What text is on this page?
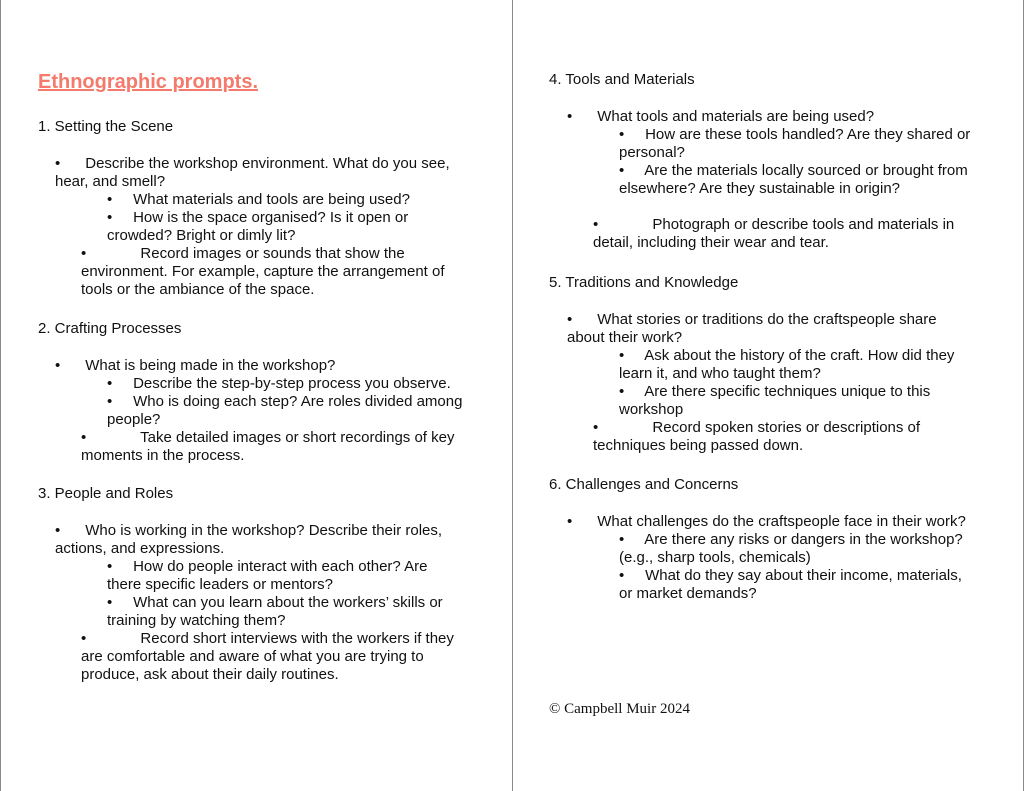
Ethnographic prompts.
1. Setting the Scene
•      Describe the workshop environment. What do you see,
hear, and smell?
•     What materials and tools are being used?
•     How is the space organised? Is it open or
crowded? Bright or dimly lit?
•             Record images or sounds that show the
environment. For example, capture the arrangement of
tools or the ambiance of the space.
2. Crafting Processes
•      What is being made in the workshop?
•     Describe the step-by-step process you observe.
•     Who is doing each step? Are roles divided among
people?
•             Take detailed images or short recordings of key
moments in the process.
3. People and Roles
•      Who is working in the workshop? Describe their roles,
actions, and expressions.
•     How do people interact with each other? Are
there specific leaders or mentors?
•     What can you learn about the workers’ skills or
training by watching them?
•             Record short interviews with the workers if they
are comfortable and aware of what you are trying to
produce, ask about their daily routines.
© Campbell Muir 2024
4. Tools and Materials
•      What tools and materials are being used?
•     How are these tools handled? Are they shared or
personal?
•     Are the materials locally sourced or brought from
elsewhere? Are they sustainable in origin?
•             Photograph or describe tools and materials in
detail, including their wear and tear.
5. Traditions and Knowledge
•      What stories or traditions do the craftspeople share
about their work?
•     Ask about the history of the craft. How did they
learn it, and who taught them?
•     Are there specific techniques unique to this
workshop
•             Record spoken stories or descriptions of
techniques being passed down.
6. Challenges and Concerns
•      What challenges do the craftspeople face in their work?
•     Are there any risks or dangers in the workshop?
(e.g., sharp tools, chemicals)
•     What do they say about their income, materials,
or market demands?
